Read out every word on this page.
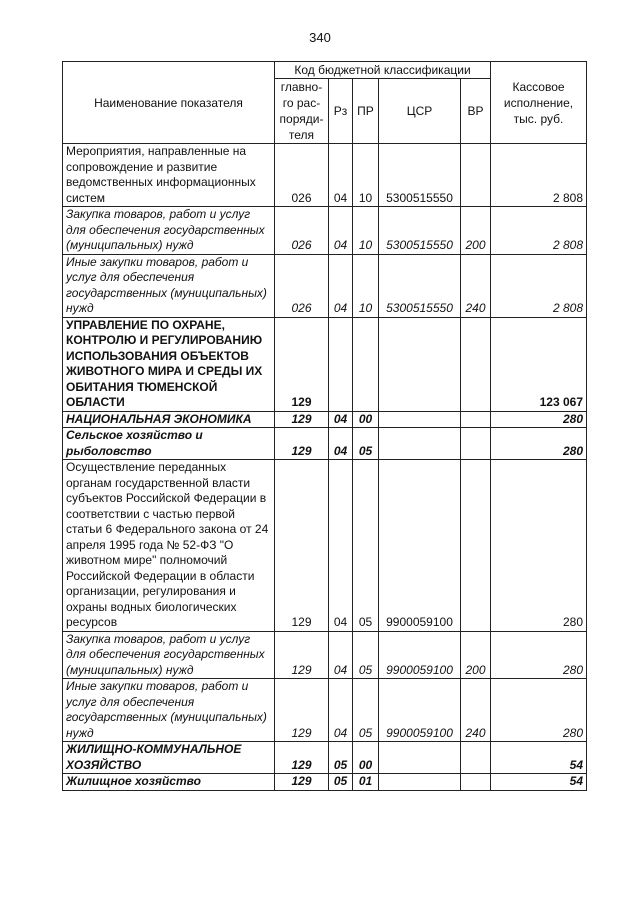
340
Наименование показателя	Код бюджетной классификации					Кассовое исполнение, тыс. руб.
	главно-го рас-поряди-теля	Рз	ПР	ЦСР	ВР	
Мероприятия, направленные на сопровождение и развитие ведомственных информационных систем	026	04	10	5300515550		2 808
Закупка товаров, работ и услуг для обеспечения государственных (муниципальных) нужд	026	04	10	5300515550	200	2 808
Иные закупки товаров, работ и услуг для обеспечения государственных (муниципальных) нужд	026	04	10	5300515550	240	2 808
УПРАВЛЕНИЕ ПО ОХРАНЕ, КОНТРОЛЮ И РЕГУЛИРОВАНИЮ ИСПОЛЬЗОВАНИЯ ОБЪЕКТОВ ЖИВОТНОГО МИРА И СРЕДЫ ИХ ОБИТАНИЯ ТЮМЕНСКОЙ ОБЛАСТИ	129					123 067
НАЦИОНАЛЬНАЯ ЭКОНОМИКА	129	04	00			280
Сельское хозяйство и рыболовство	129	04	05			280
Осуществление переданных органам государственной власти субъектов Российской Федерации в соответствии с частью первой статьи 6 Федерального закона от 24 апреля 1995 года № 52-ФЗ "О животном мире" полномочий Российской Федерации в области организации, регулирования и охраны водных биологических ресурсов	129	04	05	9900059100		280
Закупка товаров, работ и услуг для обеспечения государственных (муниципальных) нужд	129	04	05	9900059100	200	280
Иные закупки товаров, работ и услуг для обеспечения государственных (муниципальных) нужд	129	04	05	9900059100	240	280
ЖИЛИЩНО-КОММУНАЛЬНОЕ ХОЗЯЙСТВО	129	05	00			54
Жилищное хозяйство	129	05	01			54
